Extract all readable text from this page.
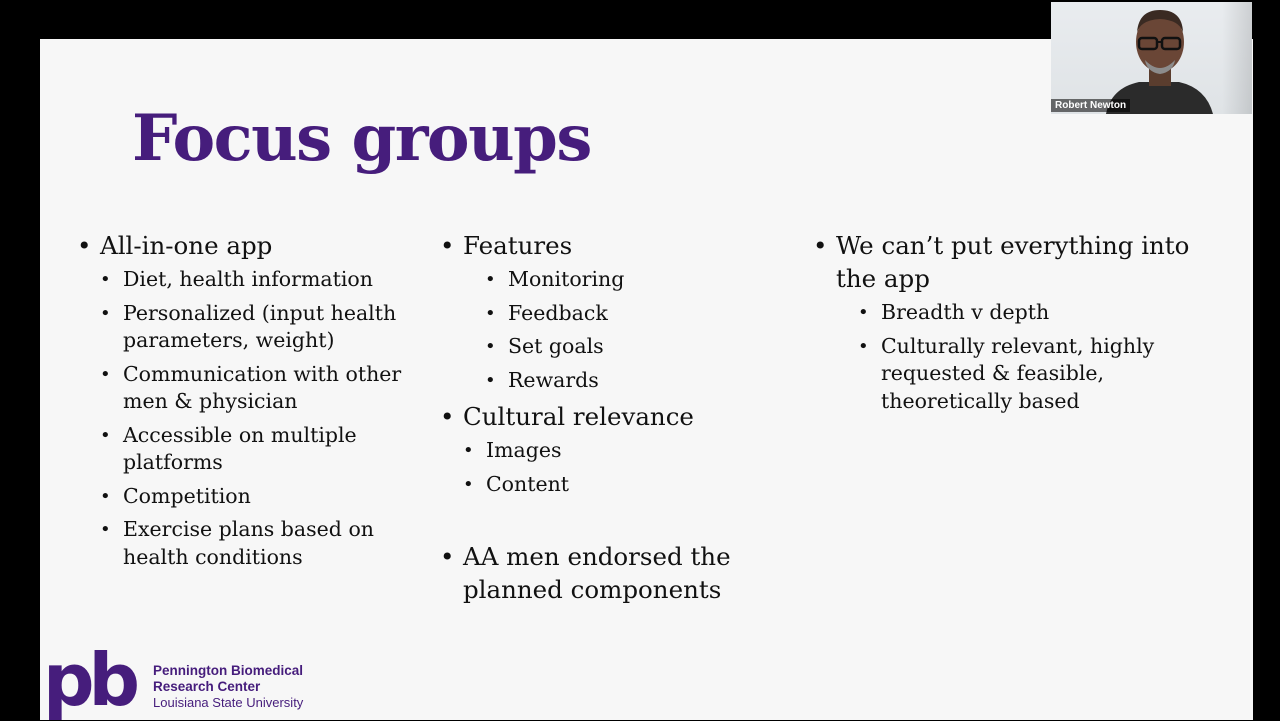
Focus groups
• All-in-one app
• Diet, health information
• Personalized (input health parameters, weight)
• Communication with other men & physician
• Accessible on multiple platforms
• Competition
• Exercise plans based on health conditions
• Features
• Monitoring
• Feedback
• Set goals
• Rewards
• Cultural relevance
• Images
• Content
• AA men endorsed the planned components
• We can’t put everything into the app
• Breadth v depth
• Culturally relevant, highly requested & feasible, theoretically based
pb Pennington Biomedical
Research Center
Louisiana State University
Robert Newton
